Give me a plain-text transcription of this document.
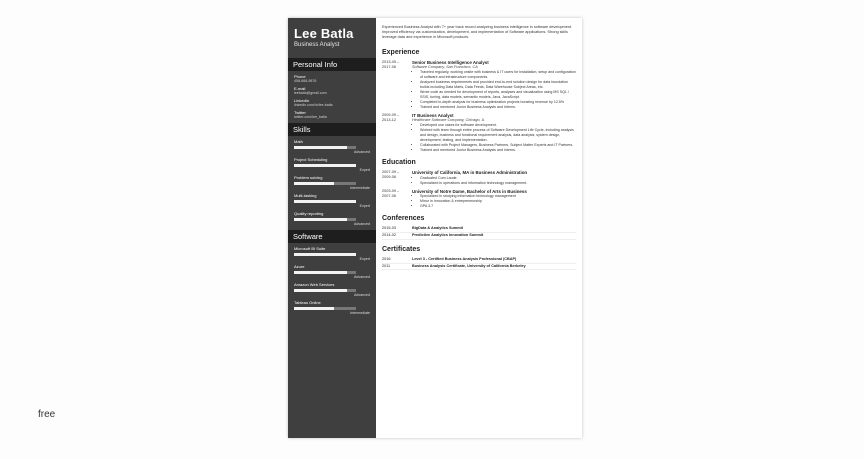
free
Lee Batla
Business Analyst
Personal Info
Phone
458-666-9876
E-mail
leebatla@gmail.com
LinkedIn
linkedin.com/in/lee-batla
Twitter
twitter.com/lee_batla
Skills
Math
Advanced
Project Scheduling
Expert
Problem solving
Intermediate
Multi-tasking
Expert
Quality reporting
Advanced
Software
Microsoft BI Suite
Expert
Azure
Advanced
Amazon Web Services
Advanced
Tableau Online
Intermediate
Experienced Business Analyst with 7+ year track record analyzing business intelligence in software development. Improved efficiency via customization, development, and implementation of Software applications. Strong skills leverage data and experience in Microsoft products.
Experience
2013-05 –
2017-06
Senior Business Intelligence Analyst
Software Company, San Francisco, CA
• Traveled regularly, working onsite with business & IT users for installation, setup and configuration of software and infrastructure components.
• Analyzed business requirements and provided end-to-end solution design for data foundation builds including Data Marts, Data Feeds, Data Warehouse Subject Areas, etc.
• Wrote code as needed for development of reports, analyses and visualization using MS SQL / SSIS, tuning, data models, semantic models, Java, JavaScript.
• Completed in-depth analysis for business optimization projects boosting revenue by 12.5%
• Trained and mentored Junior Business Analysts and Interns.
2009-09 –
2013-12
IT Business Analyst
Healthcare Software Company, Chicago, IL
• Developed use cases for software development.
• Worked with team through entire process of Software Development Life Cycle, including analysis and design, business and functional requirement analysis, data analysis, system design, development, testing, and implementation.
• Collaborated with Project Managers, Business Partners, Subject Matter Experts and IT Partners.
• Trained and mentored Junior Business Analysts and Interns.
Education
2007-09 –
2009-06
University of California, MA in Business Administration
• Graduated Cum Laude.
• Specialized in operations and information technology management.
2003-09 –
2007-06
University of Notre Dame, Bachelor of Arts in Business
• Specialized in studying information technology management
• Minor in Innovation & entrepreneurship
• GPA 3.7
Conferences
2015-03	BigData & Analytics Summit
2014-02	Predictive Analytics Innovation Summit
Certificates
2016	Level 3 - Certified Business Analysis Professional (CBAP)
2011	Business Analysis Certificate, University of California Berkeley
